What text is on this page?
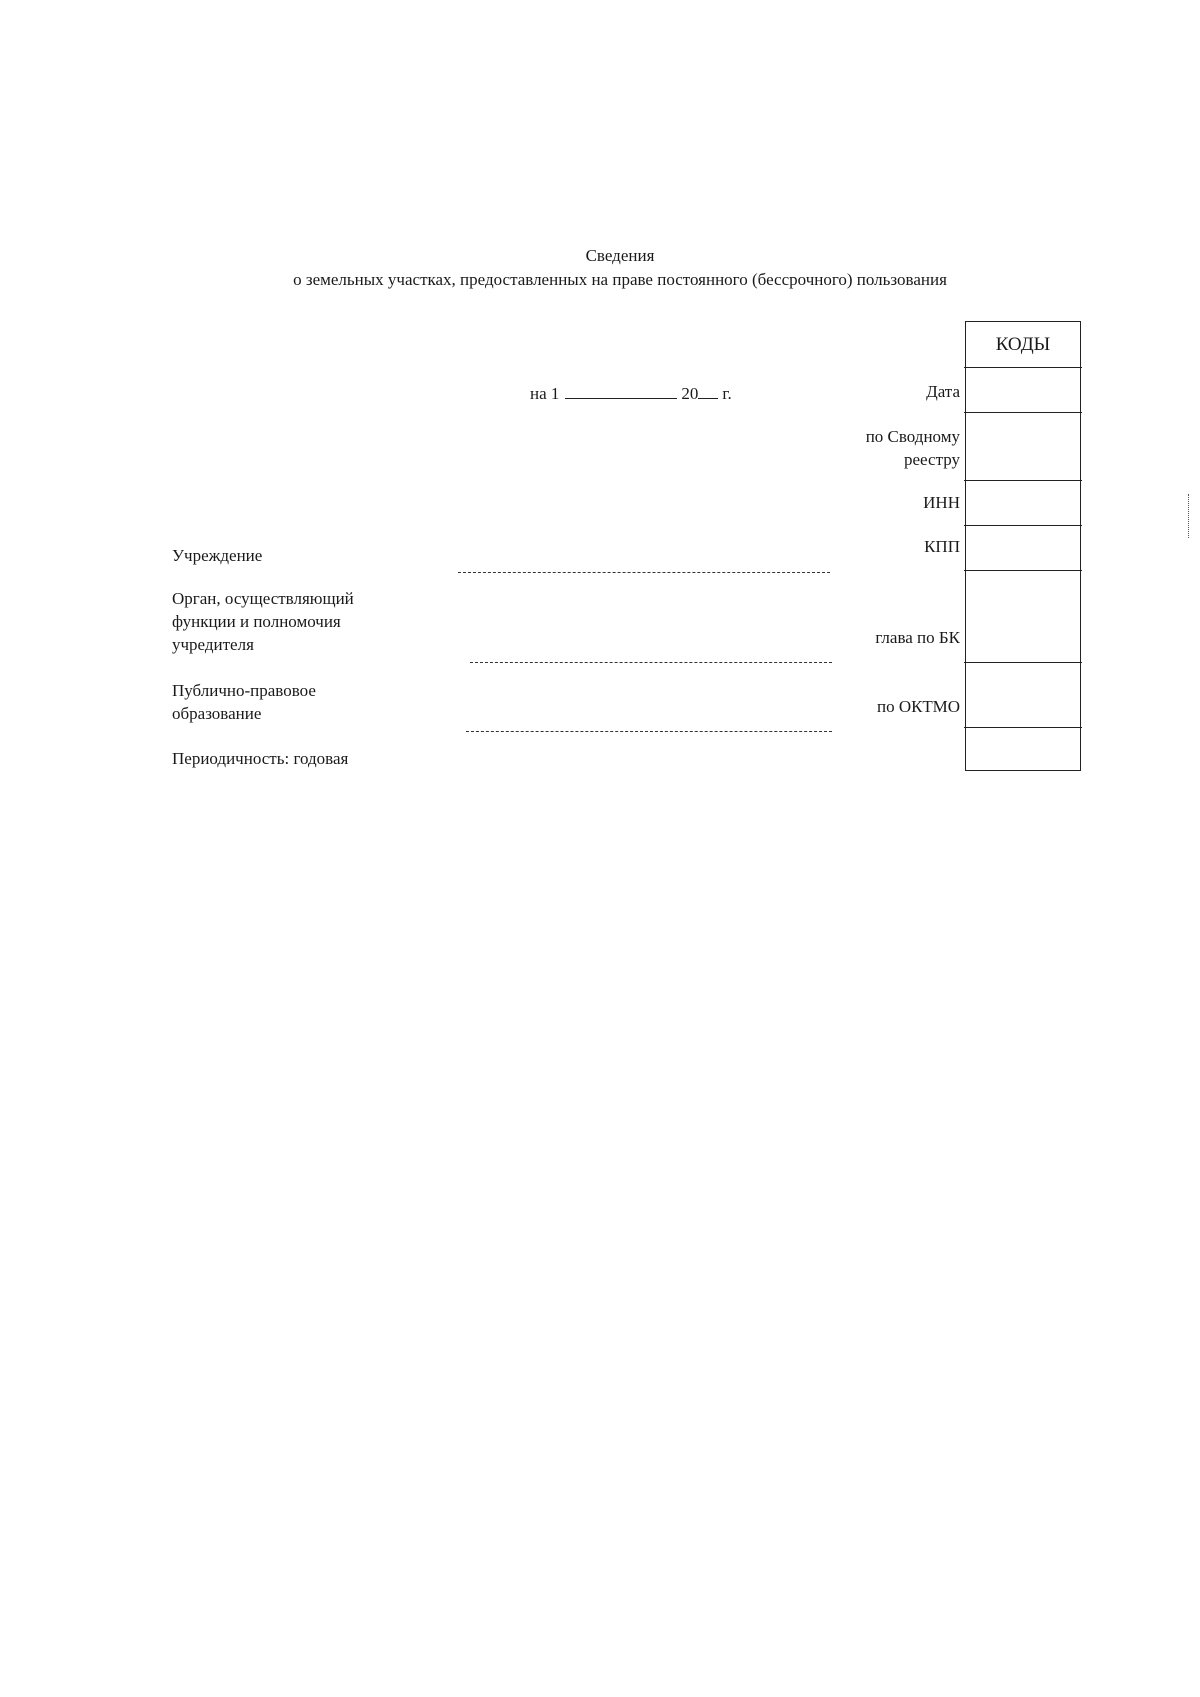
Сведения
о земельных участках, предоставленных на праве постоянного (бессрочного) пользования
на 1	20 г.
КОДЫ
Дата
по Сводному
реестру
ИНН
КПП
глава по БК
по ОКТМО
Учреждение
Орган, осуществляющий
функции и полномочия
учредителя
Публично-правовое
образование
Периодичность: годовая
